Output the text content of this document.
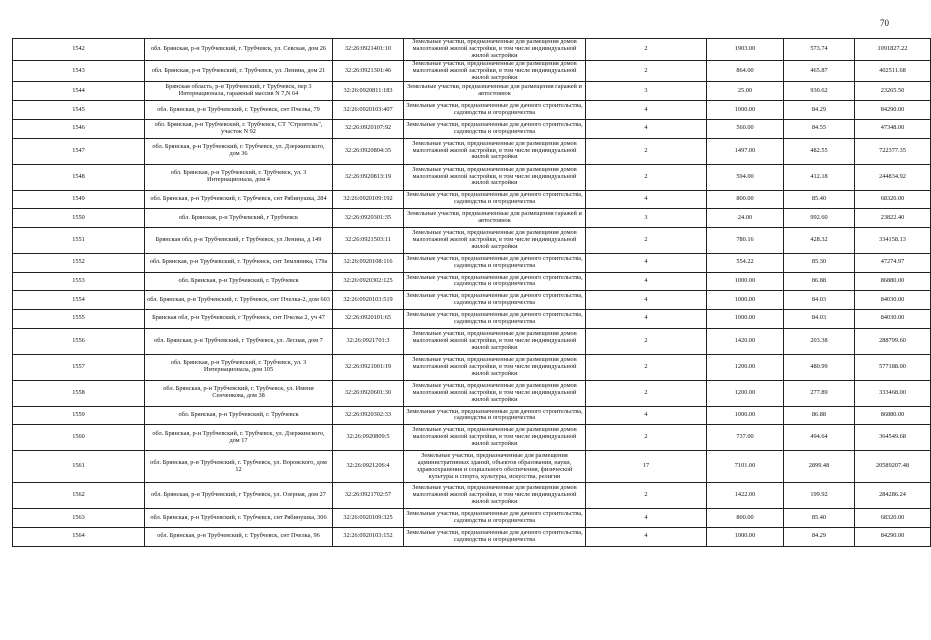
70
1542	обл. Брянская, р-н Трубчевский, г. Трубчевск, ул. Севская, дом 26	32:26:0921401:10	Земельные участки, предназначенные для размещения домов малоэтажной жилой застройки, в том числе индивидуальной жилой застройки	2	1903.00	573.74	1091827.22
1543	обл. Брянская, р-н Трубчевский, г. Трубчевск, ул. Ленина, дом 21	32:26:0921301:46	Земельные участки, предназначенные для размещения домов малоэтажной жилой застройки, в том числе индивидуальной жилой застройки	2	864.00	465.87	402511.68
1544	Брянская область, р-н Трубчевский, г Трубчевск, пер 3 Интернационала, гаражный массив N 7,N 64	32:26:0920811:183	Земельные участки, предназначенные для размещения гаражей и автостоянок	3	25.00	930.62	23265.50
1545	обл. Брянская, р-н Трубчевский, г. Трубчевск, снт Пчелка, 79	32:26:0920103:407	Земельные участки, предназначенные для дачного строительства, садоводства и огородничества	4	1000.00	84.29	84290.00
1546	обл. Брянская, р-н Трубчевский, г. Трубчевск, СТ "Строитель", участок N 92	32:26:0920107:92	Земельные участки, предназначенные для дачного строительства, садоводства и огородничества	4	560.00	84.55	47348.00
1547	обл. Брянская, р-н Трубчевский, г. Трубчевск, ул. Дзержинского, дом 36	32:26:0920804:35	Земельные участки, предназначенные для размещения домов малоэтажной жилой застройки, в том числе индивидуальной жилой застройки	2	1497.00	482.55	722377.35
1548	обл. Брянская, р-н Трубчевский, г. Трубчевск, ул. 3 Интернационала, дом 4	32:26:0920813:19	Земельные участки, предназначенные для размещения домов малоэтажной жилой застройки, в том числе индивидуальной жилой застройки	2	594.00	412.18	244834.92
1549	обл. Брянская, р-н Трубчевский, г. Трубчевск, снт Рябинушка, 284	32:26:0920109:192	Земельные участки, предназначенные для дачного строительства, садоводства и огородничества	4	800.00	85.40	68320.00
1550	обл. Брянская, р-н Трубчевский, г Трубчевск	32:26:0920301:35	Земельные участки, предназначенные для размещения гаражей и автостоянок	3	24.00	992.60	23822.40
1551	Брянская обл, р-н Трубчевский, г Трубчевск, ул Ленина, д 149	32:26:0921503:11	Земельные участки, предназначенные для размещения домов малоэтажной жилой застройки, в том числе индивидуальной жилой застройки	2	780.16	428.32	334158.13
1552	обл. Брянская, р-н Трубчевский, г. Трубчевск, снт Земляника, 179а	32:26:0920108:116	Земельные участки, предназначенные для дачного строительства, садоводства и огородничества	4	554.22	85.30	47274.97
1553	обл. Брянская, р-н Трубчевский, г. Трубчевск	32:26:0920302:125	Земельные участки, предназначенные для дачного строительства, садоводства и огородничества	4	1000.00	86.88	86880.00
1554	обл. Брянская, р-н Трубчевский, г. Трубчевск, снт Пчелка-2, дом 603	32:26:0920103:519	Земельные участки, предназначенные для дачного строительства, садоводства и огородничества	4	1000.00	84.03	84030.00
1555	Брянская обл, р-н Трубчевский, г Трубчевск, снт Пчелка 2, уч 47	32:26:0920101:65	Земельные участки, предназначенные для дачного строительства, садоводства и огородничества	4	1000.00	84.03	84030.00
1556	обл. Брянская, р-н Трубчевский, г Трубчевск, ул. Лесная, дом 7	32:26:0921701:3	Земельные участки, предназначенные для размещения домов малоэтажной жилой застройки, в том числе индивидуальной жилой застройки	2	1420.00	203.38	288799.60
1557	обл. Брянская, р-н Трубчевский, г. Трубчевск, ул. 3 Интернационала, дом 105	32:26:0921001:19	Земельные участки, предназначенные для размещения домов малоэтажной жилой застройки, в том числе индивидуальной жилой застройки	2	1200.00	480.99	577188.00
1558	обл. Брянская, р-н Трубчевский, г. Трубчевск, ул. Имени Сенченкова, дом 38	32:26:0920601:30	Земельные участки, предназначенные для размещения домов малоэтажной жилой застройки, в том числе индивидуальной жилой застройки	2	1200.00	277.89	333468.00
1559	обл. Брянская, р-н Трубчевский, г. Трубчевск	32:26:0920302:33	Земельные участки, предназначенные для дачного строительства, садоводства и огородничества	4	1000.00	86.88	86880.00
1560	обл. Брянская, р-н Трубчевский, г. Трубчевск, ул. Дзержинского, дом 17	32:26:0920809:5	Земельные участки, предназначенные для размещения домов малоэтажной жилой застройки, в том числе индивидуальной жилой застройки	2	737.00	494.64	364549.68
1561	обл. Брянская, р-н Трубчевский, г. Трубчевск, ул. Воровского, дом 12	32:26:0921206:4	Земельные участки, предназначенные для размещения административных зданий, объектов образования, науки, здравоохранения и социального обеспечения, физической культуры и спорта, культуры, искусства, религии	17	7101.00	2899.48	20589207.48
1562	обл. Брянская, р-н Трубчевский, г Трубчевск, ул. Озерная, дом 27	32:26:0921702:57	Земельные участки, предназначенные для размещения домов малоэтажной жилой застройки, в том числе индивидуальной жилой застройки	2	1422.00	199.92	284286.24
1563	обл. Брянская, р-н Трубчевский, г. Трубчевск, снт Рябинушка, 306	32:26:0920109:325	Земельные участки, предназначенные для дачного строительства, садоводства и огородничества	4	800.00	85.40	68320.00
1564	обл. Брянская, р-н Трубчевский, г. Трубчевск, снт Пчелка, 96	32:26:0920103:152	Земельные участки, предназначенные для дачного строительства, садоводства и огородничества	4	1000.00	84.29	84290.00
